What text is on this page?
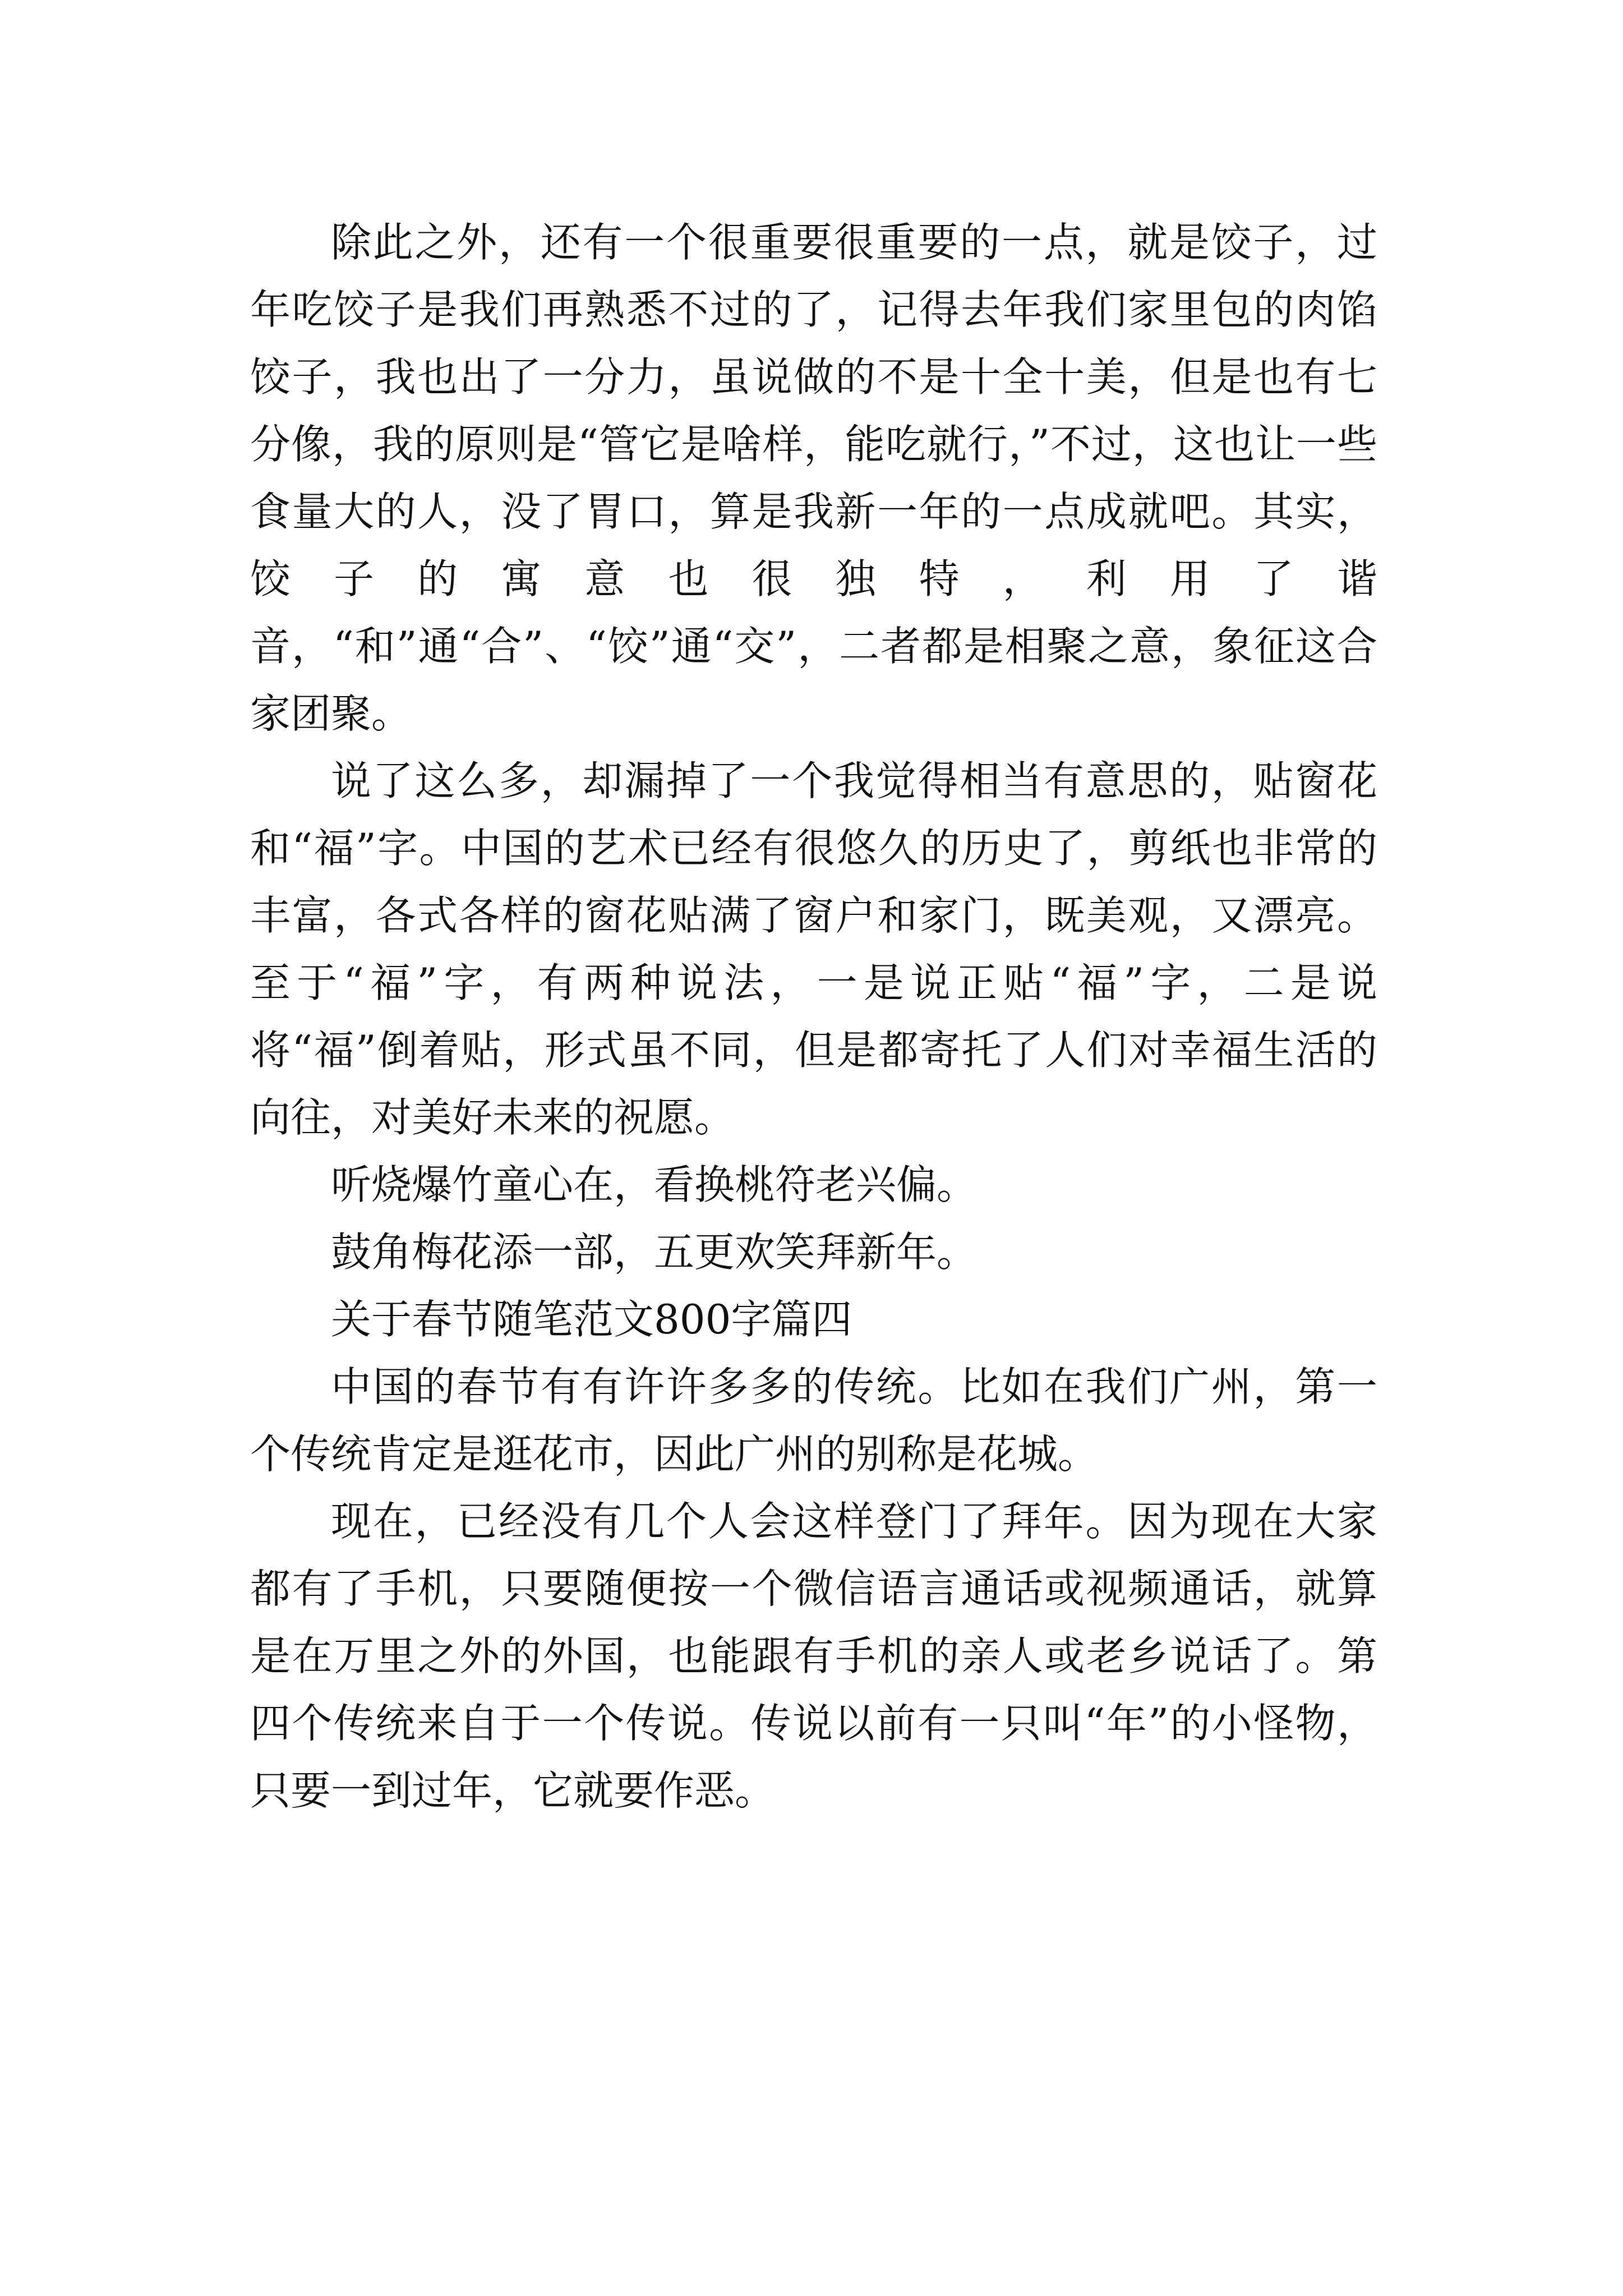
除此之外，还有一个很重要很重要的一点，就是饺子，过年吃饺子是我们再熟悉不过的了，记得去年我们家里包的肉馅饺子，我也出了一分力，虽说做的不是十全十美，但是也有七分像，我的原则是“管它是啥样，能吃就行，”不过，这也让一些食量大的人，没了胃口，算是我新一年的一点成就吧。其实，饺子的寓意也很独特，利用了谐音，“和”通“合”、“饺”通“交”，二者都是相聚之意，象征这合家团聚。

说了这么多，却漏掉了一个我觉得相当有意思的，贴窗花和“福”字。中国的艺术已经有很悠久的历史了，剪纸也非常的丰富，各式各样的窗花贴满了窗户和家门，既美观，又漂亮。至于“福”字，有两种说法，一是说正贴“福”字，二是说将“福”倒着贴，形式虽不同，但是都寄托了人们对幸福生活的向往，对美好未来的祝愿。

听烧爆竹童心在，看换桃符老兴偏。

鼓角梅花添一部，五更欢笑拜新年。

关于春节随笔范文800字篇四

中国的春节有有许许多多的传统。比如在我们广州，第一个传统肯定是逛花市，因此广州的别称是花城。

现在，已经没有几个人会这样登门了拜年。因为现在大家都有了手机，只要随便按一个微信语言通话或视频通话，就算是在万里之外的外国，也能跟有手机的亲人或老乡说话了。第四个传统来自于一个传说。传说以前有一只叫“年”的小怪物，只要一到过年，它就要作恶。
